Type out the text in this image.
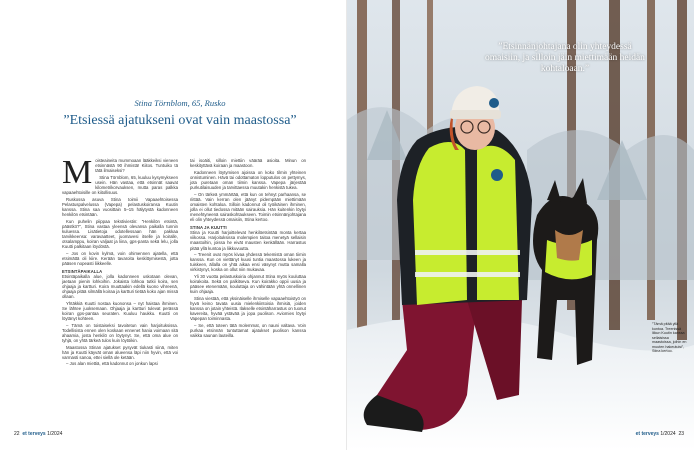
Stina Törnblom, 65, Rusko
”Etsiessä ajatukseni ovat vain maastossa”
M oisteaineita mummoaan lääkkeiksi vieneen etsinnästä 90 ihmistä! Kiitos. Tuntuiko tä tätä ilmaiseksi?

Stina Törnblom, 65, kuuluu kysymykseen usein. Hän vastaa, että etsinnät saavat kilometrikorvauksen, mutta paras palkka vapaaehtoisille on kiitollisuus.

Ruskossa asuva Stina toimii Vapaaehtoisessa Pelastuspalvelussa (Vapepa) pelastuskoiransa Kuutin kanssa. Stina saa vuosittain 5–15 hälytystä kadonneen henkilön etsintään.

Kun puhelin piippaa tekstiviestin: ”Henkilön etsintä, päästkö?”, Stina vastaa yleensä olevansa paikalla tunnin kuluessa. Lisätietoja odotellessaan hän pakkaa tarvikkeensa: varavaatteet, juomavesi itselle ja koiralle, otsalamppu, koiran valjaat ja liina, gps-panta sekä lelu, jolla Kuutti palkitaan löydöstä.

– Jos on kovin kylmä, voin ohimennen ajatella, että etsimättä oli kiire. Kerään tavaroita keskittymisestä, jotta pääsen nopeasti liikkeelle.

ETSINTÄPAIKALLA

Etsintäpaikalla alue, jolla kadonneen uskotaan olevan, jaetaan pienin lohkoihin. Jokaista lohkoa tutkii koira, sen ohjaaja ja kartturi. Koira muuttaakin edellä kuono vihreenä, ohjaaja pitää silmällä koiraa ja kartturi tietää koko ajan missä ollaan.

Yhtäkkiä Kuutti nostaa kuononsa – nyt haistaa ihminen. Se lähtee juoksemaan. Ohjaaja ja kartturi tulevat perässä koiran gps-pantaa seuraten. Kuuluu haukku. Kuutti on löytänyt kohteen.

– Tämä on toistaiseksi tavoitetun vain harjoituksissa. Todellisista ennen olen koskaan ennenet hania voimaan sitä ahaamia, josta henkilö on löytynyt. Se, että oma alue on tyhjä, on yhtä tärkeä tulos kuin löytöikin.

Maastossa Stinan ajatukset pysyvät tiukasti siinä, miten hän ja Kuutti käyvät oman alueensa läpi niin hyvin, että voi varmasti sanoa, ettei siellä ole ketään.

– Jos alan miettiä, että kadonnut on jonkun lapsi

tai isoäiti, silloin miettiin väärää asioita. Minun on keskityttävä koiraan ja maastoon.

Kadonneen löytymisen ajoissa on koko tilmin yhteinen onnistuminen. Hävä tai odottamaton lopputulos on pettymys, jota puretaan oman tiimin kanssa. Vapepa järjestää purkutilaisuuden ja tarvittaessa muutakin henkistä tukea.

– On tärkeä ymmärtää, että kun on tehnyt parhaansa, se riittää. Vain kerran olen jäänyt pidempään miettimään omaisten kohtaloa. Silloin kadonnut oli työikäinen ihminen, jolla ei ollut tiedossa mitään sairauksia. Hän kuitenkin löytyi menehtyneenä sairaskohtaukseen. Toimin etsinnänjohtajana eli olin yhteydessä omaisiin, Stina kertoo.

STINA JA KUUTTI

Stina ja Kuutti harjoittelevat henkilöetsintää monta kertaa viikossa. Harjoituksissa molempien taitoa menetyä sellaisin maastoihin, joissa he eivät mausten kenkällään. Harrastus pitää yllä kuntoa ja liikkuvuutta.

– Treenit ovat myös kivaa yhdessä tekemistä oman tiimin kanssa. Kun on viettänyt kuusi tuntia maastossa lukeen ja tuiskeen, ällalla on yhtä aikaa ensi väsynyt mutta samalla virkistynyt, koska on ollut niin mukavaa.

Yli 30 vuotta pelastuskoiria ohjannut Stina myös kouluttaa koirakoita. Sekä on palkitseva. Kun koirakko oppii uusia ja pääsee etenemään, kouluttaja on vähintään yhtä onnellinen kuin ohjaaja.

Stina viestää, että yksinäiselle ihmiselle vapaaehtoistyö on hyvä keino tavata uusia mielenkiintoisia ihmisiä, joiden kanssa on jotain yhteistä. Ilakselle etsintäharrastus on tuonut kavereita, hyvää ystävää ja jopa puolison. Aviomies löytyi Vapepan toiminnasta.

– Se, että toteen tätä molemmat, on nauni valtava. Voin purkaa etsinnän tuntuttamat ajatukset puolison kanssa vaikka saunan lauteilla.

22 et terveys 1/2024
”Etsinnänjohtajana olin yhteydessä omaisiin, ja silloin jäin miettimään heidän kohtaloaan.”
”Tämä pitää yllä kuntoa. Treenissä liikun Kuutin kanssa sellaisissa maastoissa, joihin en muuten hakeutuisi”, Stina kertoo.
et terveys 1/2024 23
